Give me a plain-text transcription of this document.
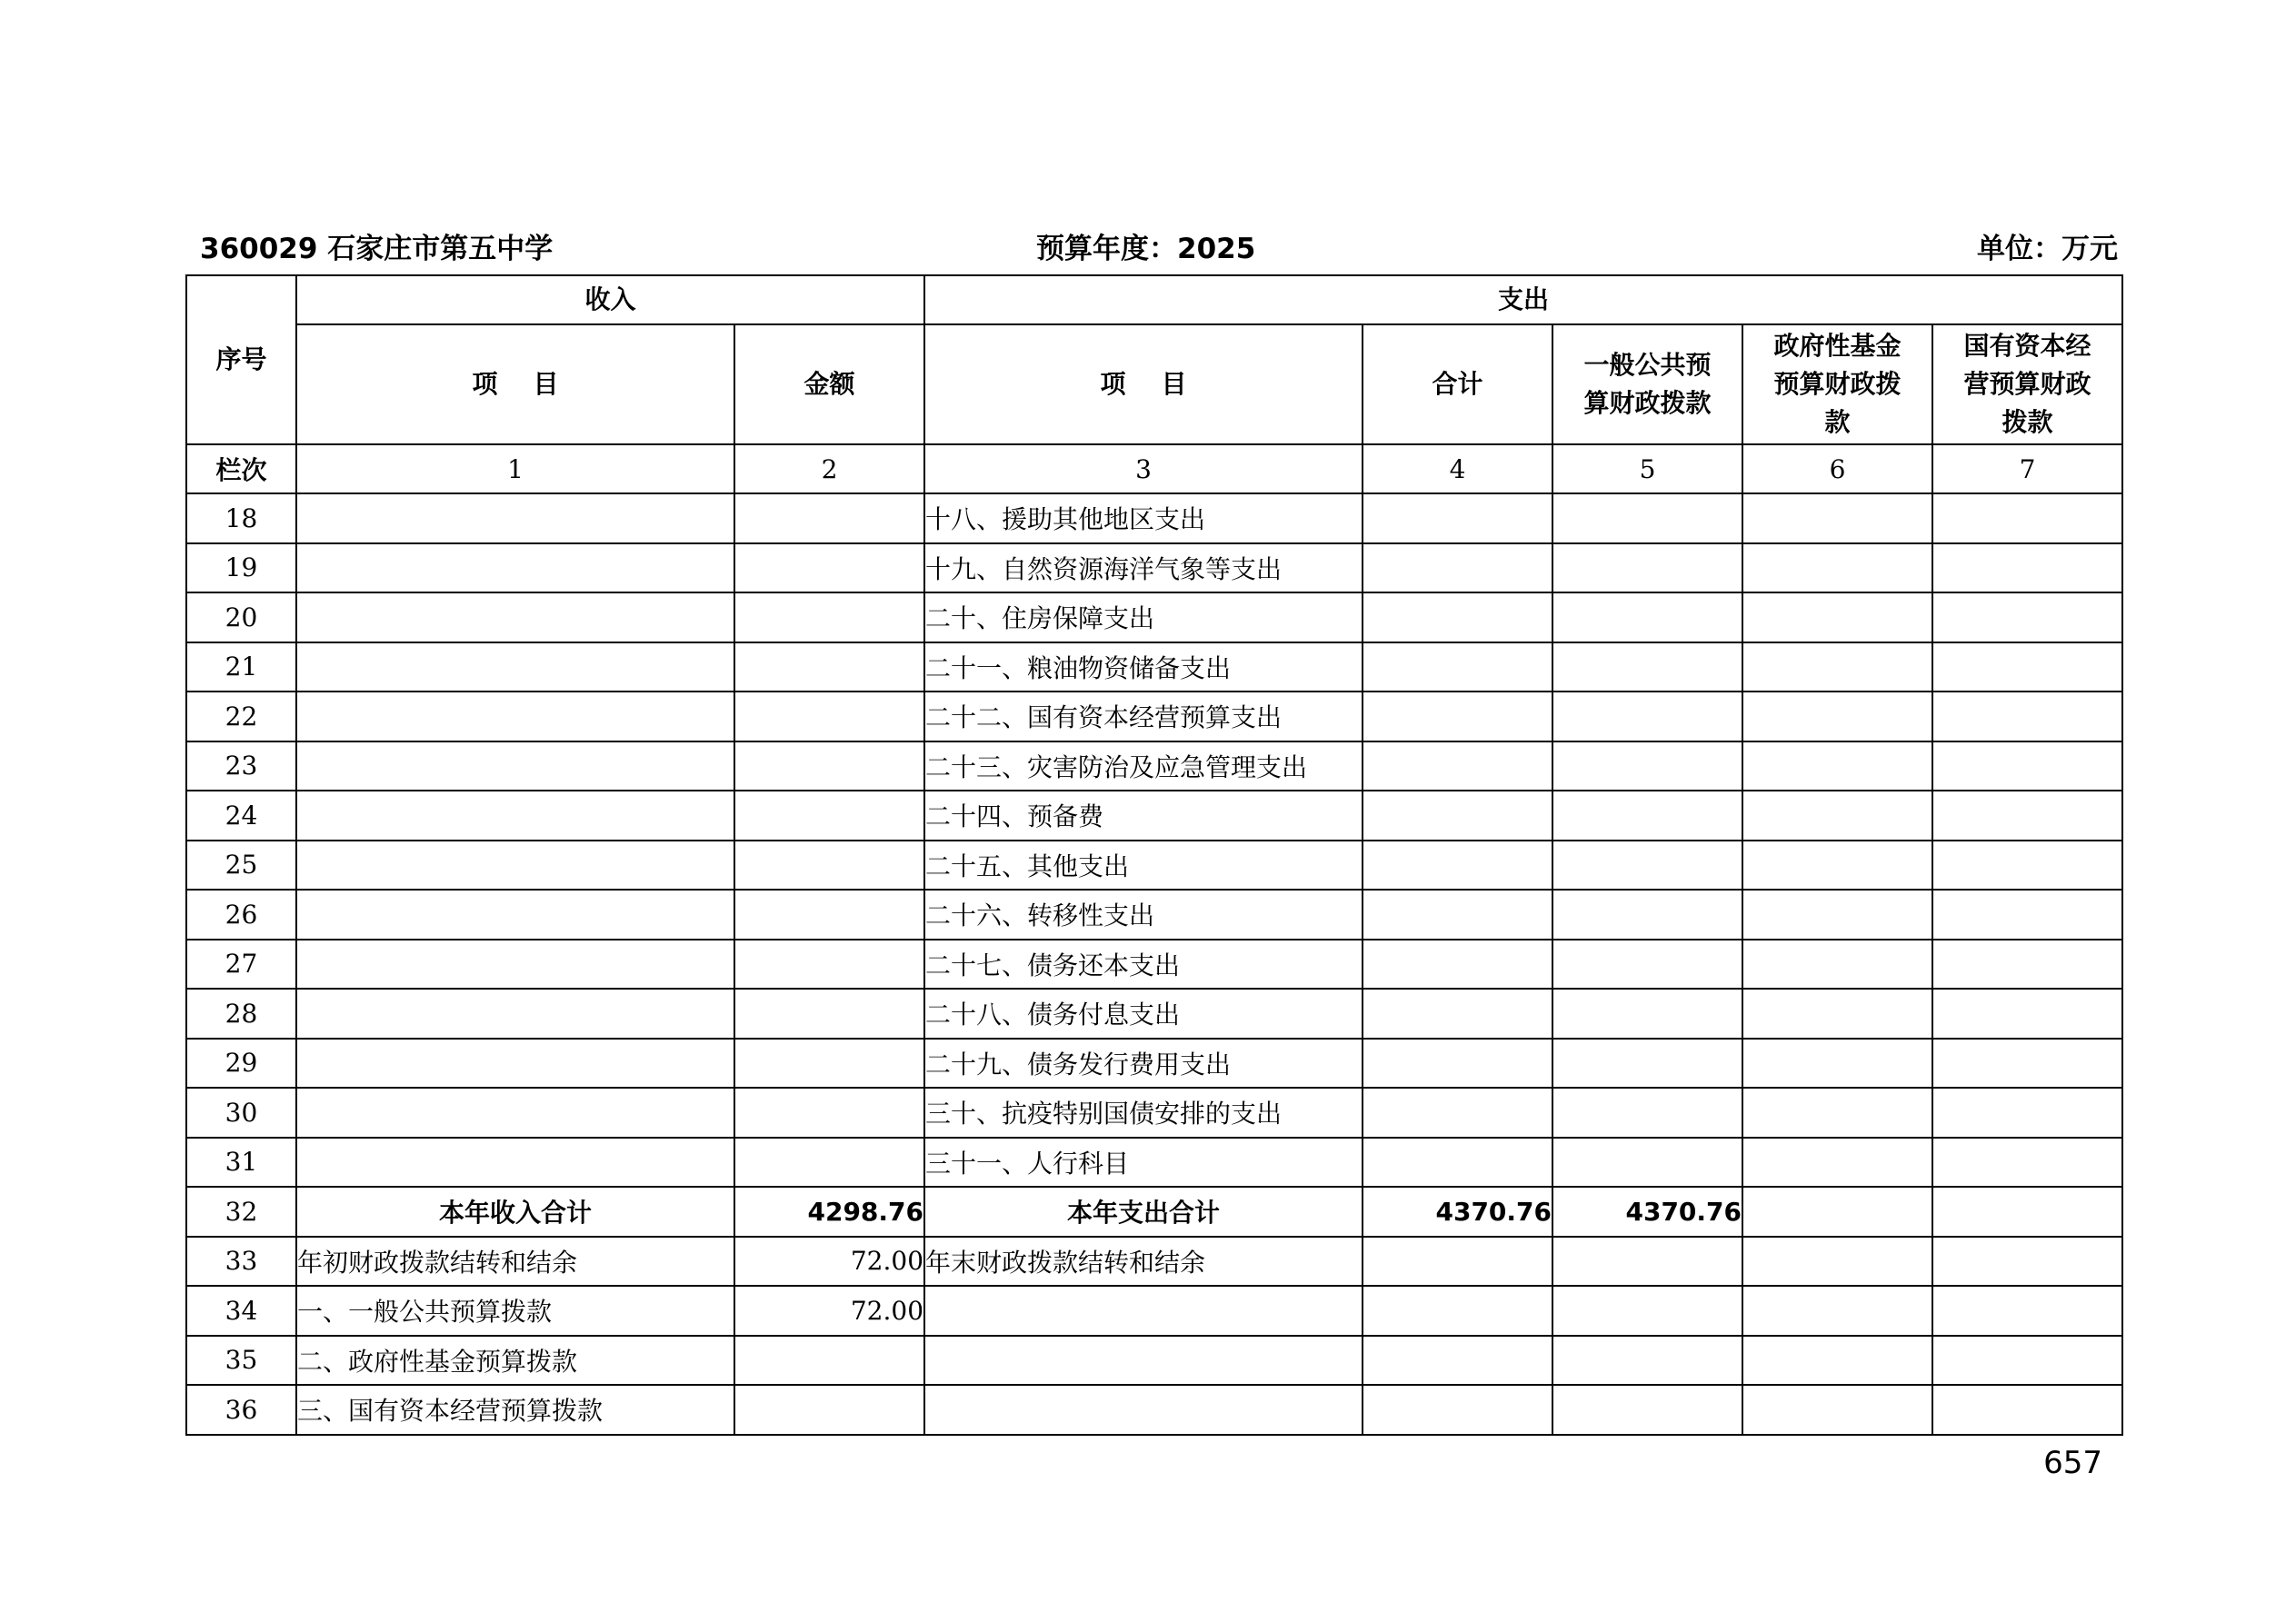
360029 石家庄市第五中学	预算年度：2025	单位：万元
序号	收入		支出				
	项    目	金额	项    目	合计	一般公共预算财政拨款	政府性基金预算财政拨款	国有资本经营预算财政拨款
栏次	1	2	3	4	5	6	7
18			十八、援助其他地区支出				
19			十九、自然资源海洋气象等支出				
20			二十、住房保障支出				
21			二十一、粮油物资储备支出				
22			二十二、国有资本经营预算支出				
23			二十三、灾害防治及应急管理支出				
24			二十四、预备费				
25			二十五、其他支出				
26			二十六、转移性支出				
27			二十七、债务还本支出				
28			二十八、债务付息支出				
29			二十九、债务发行费用支出				
30			三十、抗疫特别国债安排的支出				
31			三十一、人行科目				
32	本年收入合计	4298.76	本年支出合计	4370.76	4370.76		
33	年初财政拨款结转和结余	72.00	年末财政拨款结转和结余				
34	一、一般公共预算拨款	72.00					
35	二、政府性基金预算拨款						
36	三、国有资本经营预算拨款						
657
